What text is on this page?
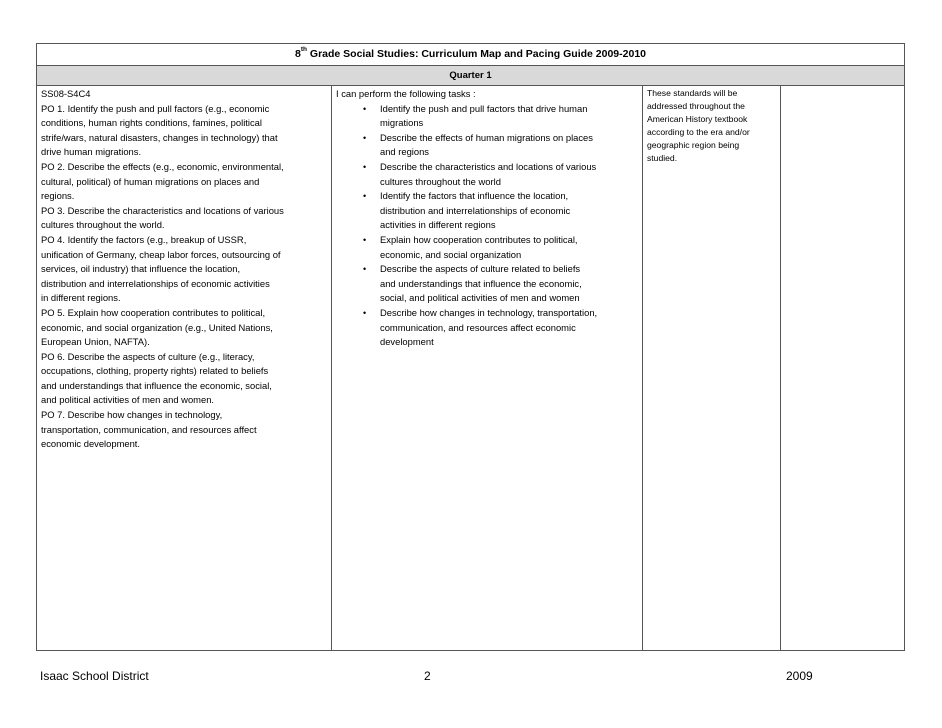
8th Grade Social Studies: Curriculum Map and Pacing Guide 2009-2010
Quarter 1

SS08-S4C4
PO 1. Identify the push and pull factors (e.g., economic
conditions, human rights conditions, famines, political
strife/wars, natural disasters, changes in technology) that
drive human migrations.
PO 2. Describe the effects (e.g., economic, environmental,
cultural, political) of human migrations on places and
regions.
PO 3. Describe the characteristics and locations of various
cultures throughout the world.
PO 4. Identify the factors (e.g., breakup of USSR,
unification of Germany, cheap labor forces, outsourcing of
services, oil industry) that influence the location,
distribution and interrelationships of economic activities
in different regions.
PO 5. Explain how cooperation contributes to political,
economic, and social organization (e.g., United Nations,
European Union, NAFTA).
PO 6. Describe the aspects of culture (e.g., literacy,
occupations, clothing, property rights) related to beliefs
and understandings that influence the economic, social,
and political activities of men and women.
PO 7. Describe how changes in technology,
transportation, communication, and resources affect
economic development.

I can perform the following tasks :
• Identify the push and pull factors that drive human
migrations
• Describe the effects of human migrations on places
and regions
• Describe the characteristics and locations of various
cultures throughout the world
• Identify the factors that influence the location,
distribution and interrelationships of economic
activities in different regions
• Explain how cooperation contributes to political,
economic, and social organization
• Describe the aspects of culture related to beliefs
and understandings that influence the economic,
social, and political activities of men and women
• Describe how changes in technology, transportation,
communication, and resources affect economic
development

These standards will be
addressed throughout the
American History textbook
according to the era and/or
geographic region being
studied.

Isaac School District	2	2009
